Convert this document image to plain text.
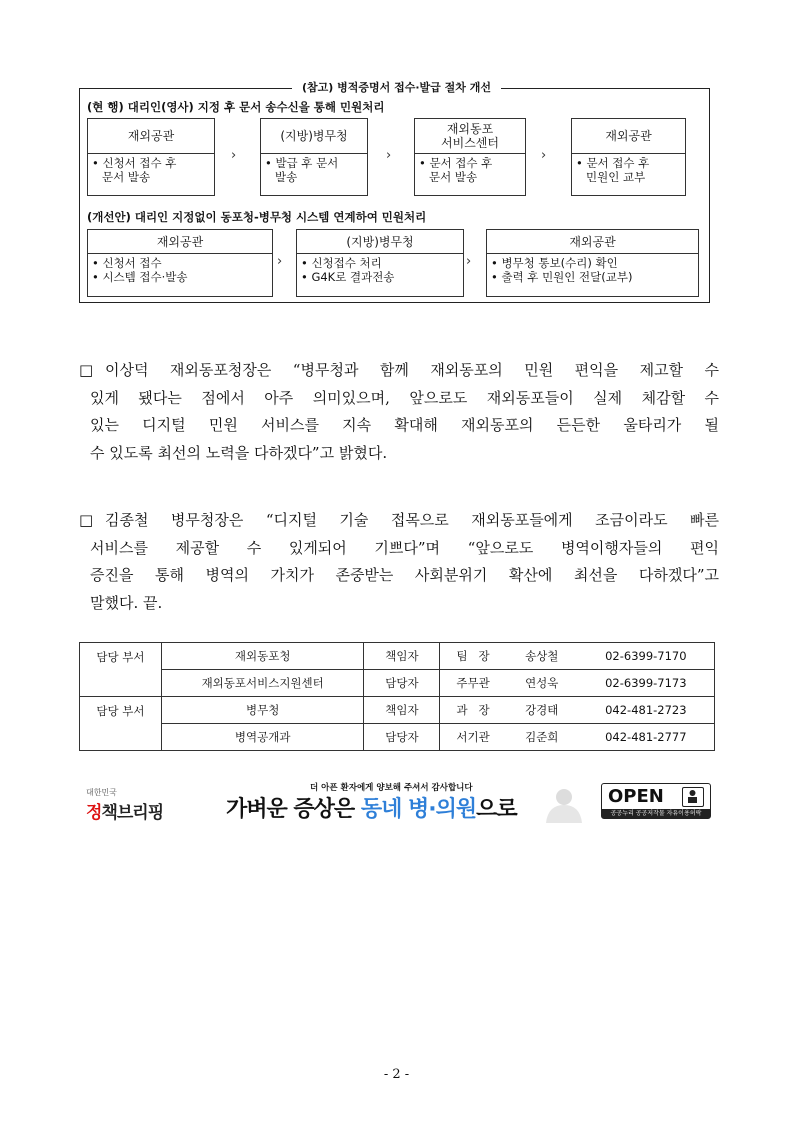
(참고) 병적증명서 접수·발급 절차 개선
(현 행) 대리인(영사) 지정 후 문서 송수신을 통해 민원처리
재외공관
• 신청서 접수 후
문서 발송
›
(지방)병무청
• 발급 후 문서
발송
›
재외동포
서비스센터
• 문서 접수 후
문서 발송
›
재외공관
• 문서 접수 후
민원인 교부
(개선안) 대리인 지정없이 동포청-병무청 시스템 연계하여 민원처리
재외공관
• 신청서 접수
• 시스템 접수·발송
›
(지방)병무청
• 신청접수 처리
• G4K로 결과전송
›
재외공관
• 병무청 통보(수리) 확인
• 출력 후 민원인 전달(교부)
□ 이상덕 재외동포청장은 “병무청과 함께 재외동포의 민원 편익을 제고할 수
있게 됐다는 점에서 아주 의미있으며, 앞으로도 재외동포들이 실제 체감할 수
있는 디지털 민원 서비스를 지속 확대해 재외동포의 든든한 울타리가 될
수 있도록 최선의 노력을 다하겠다”고 밝혔다.
□ 김종철 병무청장은 “디지털 기술 접목으로 재외동포들에게 조금이라도 빠른
서비스를 제공할 수 있게되어 기쁘다”며 “앞으로도 병역이행자들의 편익
증진을 통해 병역의 가치가 존중받는 사회분위기 확산에 최선을 다하겠다”고
말했다. 끝.
담당 부서	재외동포청	책임자	팀   장	송상철	02-6399-7170
	재외동포서비스지원센터	담당자	주무관	연성욱	02-6399-7173
담당 부서	병무청	책임자	과   장	강경태	042-481-2723
	병역공개과	담당자	서기관	김준희	042-481-2777
대한민국
정책브리핑
더 아픈 환자에게 양보해 주셔서 감사합니다
가벼운 증상은 동네 병·의원으로
OPEN
공공누리 공공저작물 자유이용허락
- 2 -
